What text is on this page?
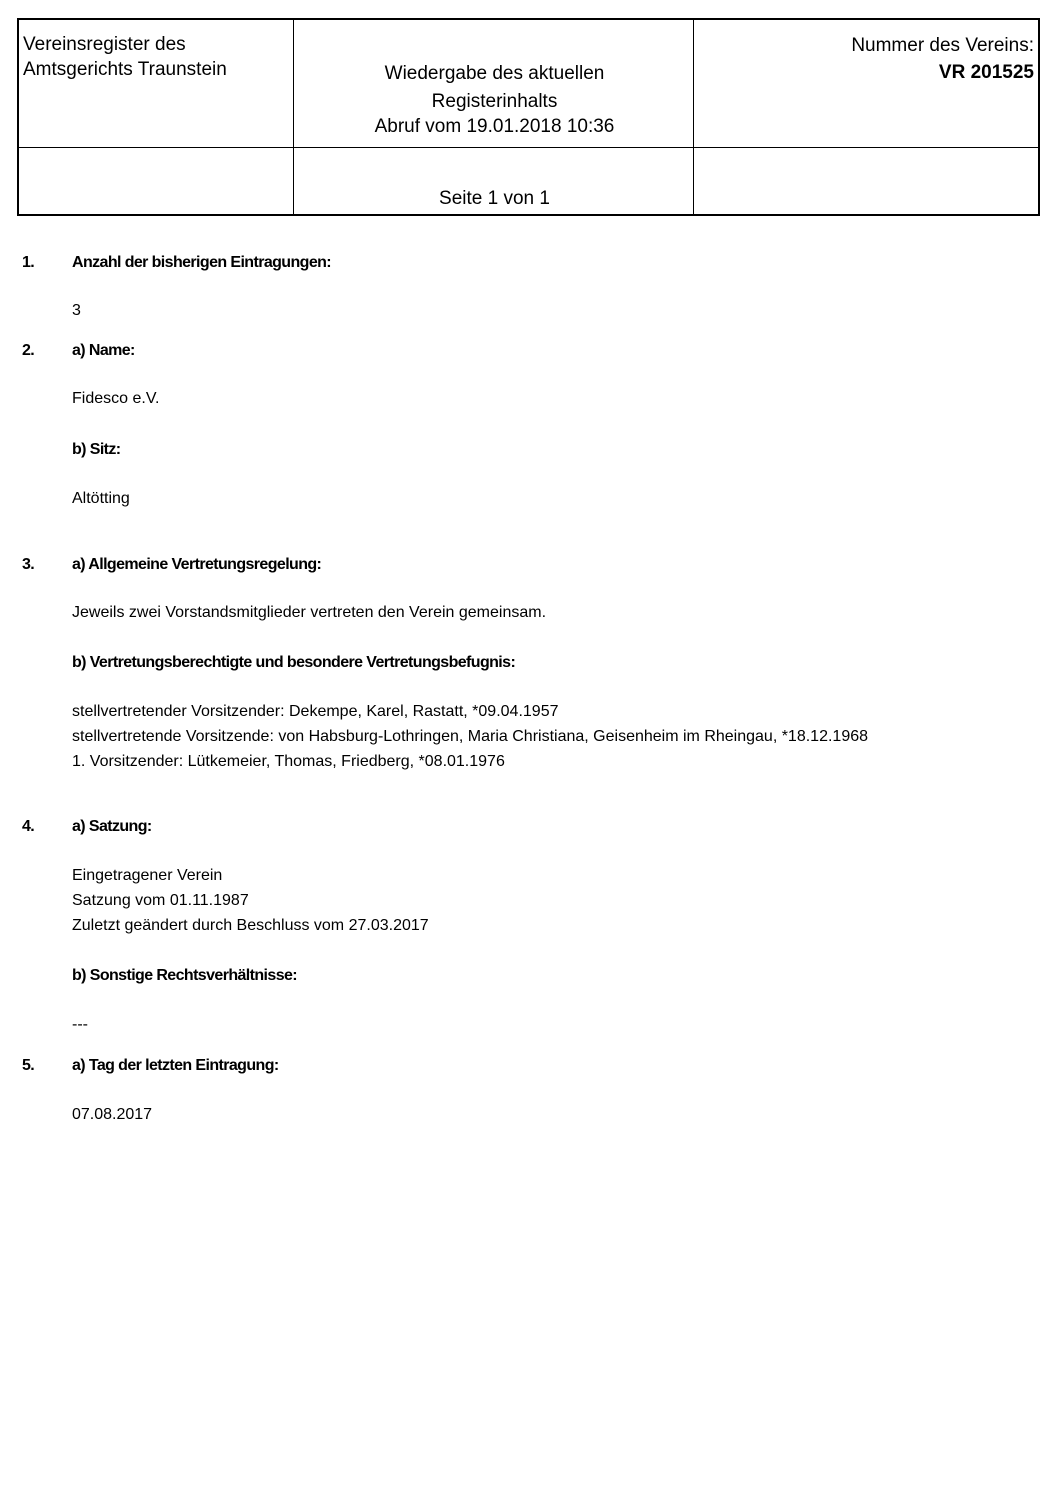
Vereinsregister des
Amtsgerichts Traunstein	Wiedergabe des aktuellen
Registerinhalts
Abruf vom 19.01.2018 10:36
Nummer des Vereins:
VR 201525
Seite 1 von 1
1. Anzahl der bisherigen Eintragungen:
3
2. a) Name:
Fidesco e.V.
b) Sitz:
Altötting
3. a) Allgemeine Vertretungsregelung:
Jeweils zwei Vorstandsmitglieder vertreten den Verein gemeinsam.
b) Vertretungsberechtigte und besondere Vertretungsbefugnis:
stellvertretender Vorsitzender: Dekempe, Karel, Rastatt, *09.04.1957
stellvertretende Vorsitzende: von Habsburg-Lothringen, Maria Christiana, Geisenheim im Rheingau, *18.12.1968
1. Vorsitzender: Lütkemeier, Thomas, Friedberg, *08.01.1976
4. a) Satzung:
Eingetragener Verein
Satzung vom 01.11.1987
Zuletzt geändert durch Beschluss vom 27.03.2017
b) Sonstige Rechtsverhältnisse:
---
5. a) Tag der letzten Eintragung:
07.08.2017
